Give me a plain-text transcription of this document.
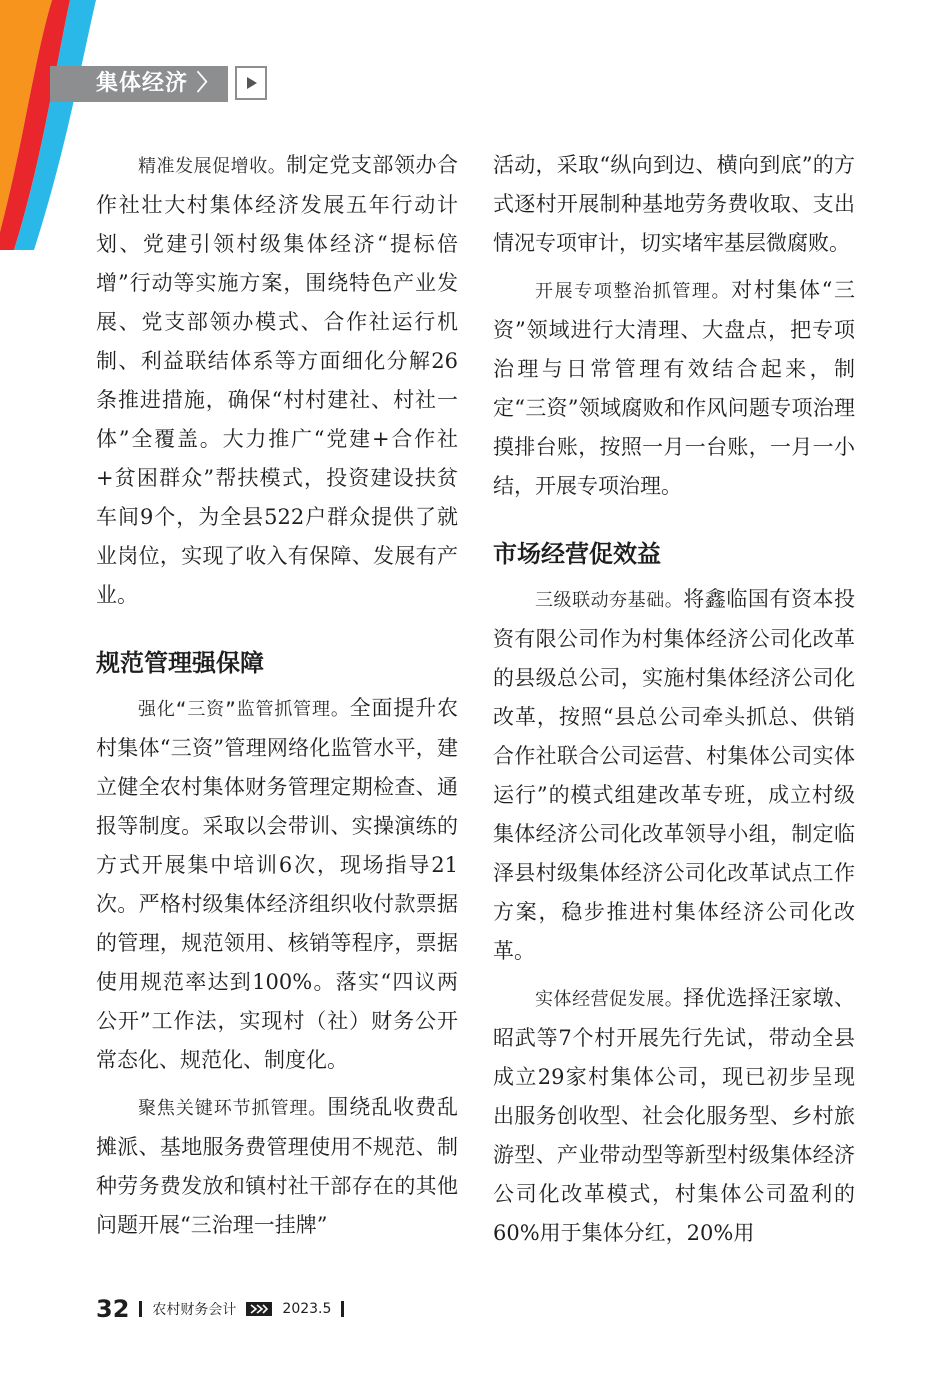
集体经济 〉

精准发展促增收。制定党支部领办合作社壮大村集体经济发展五年行动计划、党建引领村级集体经济“提标倍增”行动等实施方案，围绕特色产业发展、党支部领办模式、合作社运行机制、利益联结体系等方面细化分解26条推进措施，确保“村村建社、村社一体”全覆盖。大力推广“党建+合作社+贫困群众”帮扶模式，投资建设扶贫车间9个，为全县522户群众提供了就业岗位，实现了收入有保障、发展有产业。

规范管理强保障

强化“三资”监管抓管理。全面提升农村集体“三资”管理网络化监管水平，建立健全农村集体财务管理定期检查、通报等制度。采取以会带训、实操演练的方式开展集中培训6次，现场指导21次。严格村级集体经济组织收付款票据的管理，规范领用、核销等程序，票据使用规范率达到100%。落实“四议两公开”工作法，实现村（社）财务公开常态化、规范化、制度化。

聚焦关键环节抓管理。围绕乱收费乱摊派、基地服务费管理使用不规范、制种劳务费发放和镇村社干部存在的其他问题开展“三治理一挂牌”

活动，采取“纵向到边、横向到底”的方式逐村开展制种基地劳务费收取、支出情况专项审计，切实堵牢基层微腐败。

开展专项整治抓管理。对村集体“三资”领域进行大清理、大盘点，把专项治理与日常管理有效结合起来，制定“三资”领域腐败和作风问题专项治理摸排台账，按照一月一台账，一月一小结，开展专项治理。

市场经营促效益

三级联动夯基础。将鑫临国有资本投资有限公司作为村集体经济公司化改革的县级总公司，实施村集体经济公司化改革，按照“县总公司牵头抓总、供销合作社联合公司运营、村集体公司实体运行”的模式组建改革专班，成立村级集体经济公司化改革领导小组，制定临泽县村级集体经济公司化改革试点工作方案，稳步推进村集体经济公司化改革。

实体经营促发展。择优选择汪家墩、昭武等7个村开展先行先试，带动全县成立29家村集体公司，现已初步呈现出服务创收型、社会化服务型、乡村旅游型、产业带动型等新型村级集体经济公司化改革模式，村集体公司盈利的60%用于集体分红，20%用

32 农村财务会计	2023.5
